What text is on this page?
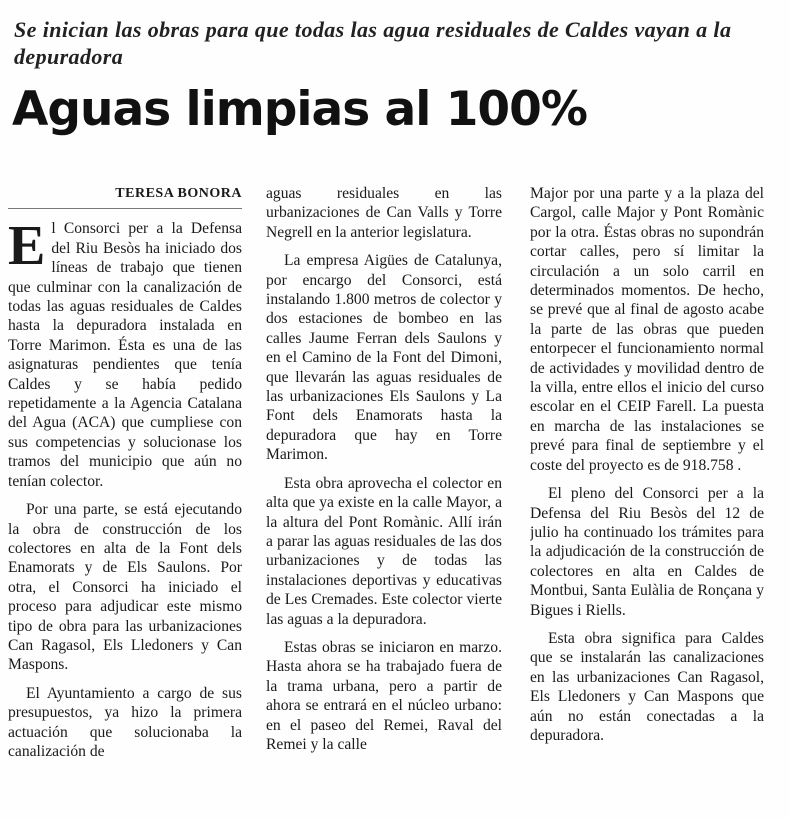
Se inician las obras para que todas las agua residuales de Caldes vayan a la depuradora
Aguas limpias al 100%
TERESA BONORA

El Consorci per a la Defensa del Riu Besòs ha iniciado dos líneas de trabajo que tienen que culminar con la canalización de todas las aguas residuales de Caldes hasta la depuradora instalada en Torre Marimon. Ésta es una de las asignaturas pendientes que tenía Caldes y se había pedido repetidamente a la Agencia Catalana del Agua (ACA) que cumpliese con sus competencias y solucionase los tramos del municipio que aún no tenían colector.

Por una parte, se está ejecutando la obra de construcción de los colectores en alta de la Font dels Enamorats y de Els Saulons. Por otra, el Consorci ha iniciado el proceso para adjudicar este mismo tipo de obra para las urbanizaciones Can Ragasol, Els Lledoners y Can Maspons.

El Ayuntamiento a cargo de sus presupuestos, ya hizo la primera actuación que solucionaba la canalización de

aguas residuales en las urbanizaciones de Can Valls y Torre Negrell en la anterior legislatura.

La empresa Aigües de Catalunya, por encargo del Consorci, está instalando 1.800 metros de colector y dos estaciones de bombeo en las calles Jaume Ferran dels Saulons y en el Camino de la Font del Dimoni, que llevarán las aguas residuales de las urbanizaciones Els Saulons y La Font dels Enamorats hasta la depuradora que hay en Torre Marimon.

Esta obra aprovecha el colector en alta que ya existe en la calle Mayor, a la altura del Pont Romànic. Allí irán a parar las aguas residuales de las dos urbanizaciones y de todas las instalaciones deportivas y educativas de Les Cremades. Este colector vierte las aguas a la depuradora.

Estas obras se iniciaron en marzo. Hasta ahora se ha trabajado fuera de la trama urbana, pero a partir de ahora se entrará en el núcleo urbano: en el paseo del Remei, Raval del Remei y la calle

Major por una parte y a la plaza del Cargol, calle Major y Pont Romànic por la otra. Éstas obras no supondrán cortar calles, pero sí limitar la circulación a un solo carril en determinados momentos. De hecho, se prevé que al final de agosto acabe la parte de las obras que pueden entorpecer el funcionamiento normal de actividades y movilidad dentro de la villa, entre ellos el inicio del curso escolar en el CEIP Farell. La puesta en marcha de las instalaciones se prevé para final de septiembre y el coste del proyecto es de 918.758 .

El pleno del Consorci per a la Defensa del Riu Besòs del 12 de julio ha continuado los trámites para la adjudicación de la construcción de colectores en alta en Caldes de Montbui, Santa Eulàlia de Ronçana y Bigues i Riells.

Esta obra significa para Caldes que se instalarán las canalizaciones en las urbanizaciones Can Ragasol, Els Lledoners y Can Maspons que aún no están conectadas a la depuradora.
